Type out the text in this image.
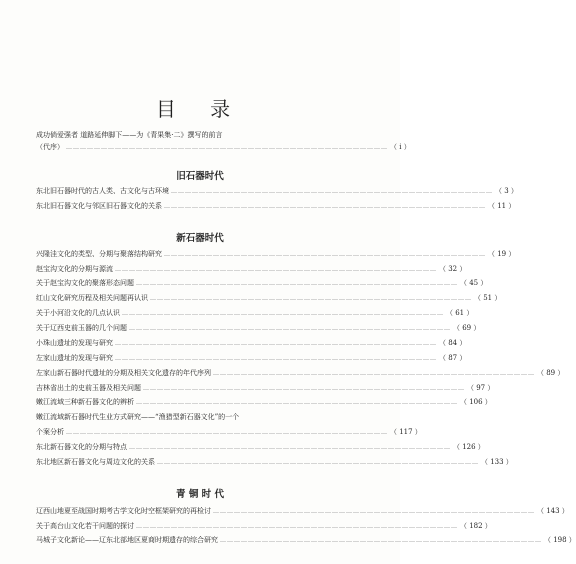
目 录
成功倘爱强者 道路延伸脚下——为《青果集·二》撰写的前言
（代序） ………………………………………………………………………………………………………………………… （ i ）
旧石器时代
东北旧石器时代的古人类、古文化与古环境 ………………………………………………………………………………………………………………………… （ 3 ）
东北旧石器文化与邻区旧石器文化的关系 ………………………………………………………………………………………………………………………… （ 11 ）
新石器时代
兴隆洼文化的类型、分期与聚落结构研究 ………………………………………………………………………………………………………………………… （ 19 ）
赵宝沟文化的分期与源流 ………………………………………………………………………………………………………………………… （ 32 ）
关于赵宝沟文化的聚落形态问题 ………………………………………………………………………………………………………………………… （ 45 ）
红山文化研究历程及相关问题再认识 ………………………………………………………………………………………………………………………… （ 51 ）
关于小河沿文化的几点认识 ………………………………………………………………………………………………………………………… （ 61 ）
关于辽西史前玉器的几个问题 ………………………………………………………………………………………………………………………… （ 69 ）
小珠山遗址的发现与研究 ………………………………………………………………………………………………………………………… （ 84 ）
左家山遗址的发现与研究 ………………………………………………………………………………………………………………………… （ 87 ）
左家山新石器时代遗址的分期及相关文化遗存的年代序列 ………………………………………………………………………………………………………………………… （ 89 ）
吉林省出土的史前玉器及相关问题 ………………………………………………………………………………………………………………………… （ 97 ）
嫩江流域三种新石器文化的辨析 ………………………………………………………………………………………………………………………… （ 106 ）
嫩江流域新石器时代生业方式研究——“渔猎型新石器文化”的一个
个案分析 ………………………………………………………………………………………………………………………… （ 117 ）
东北新石器文化的分期与特点 ………………………………………………………………………………………………………………………… （ 126 ）
东北地区新石器文化与周边文化的关系 ………………………………………………………………………………………………………………………… （ 133 ）
青 铜 时 代
辽西山地夏至战国时期考古学文化时空框架研究的再检讨 ………………………………………………………………………………………………………………………… （ 143 ）
关于高台山文化若干问题的探讨 ………………………………………………………………………………………………………………………… （ 182 ）
马城子文化新论——辽东北部地区夏商时期遗存的综合研究 ………………………………………………………………………………………………………………………… （ 198 ）
